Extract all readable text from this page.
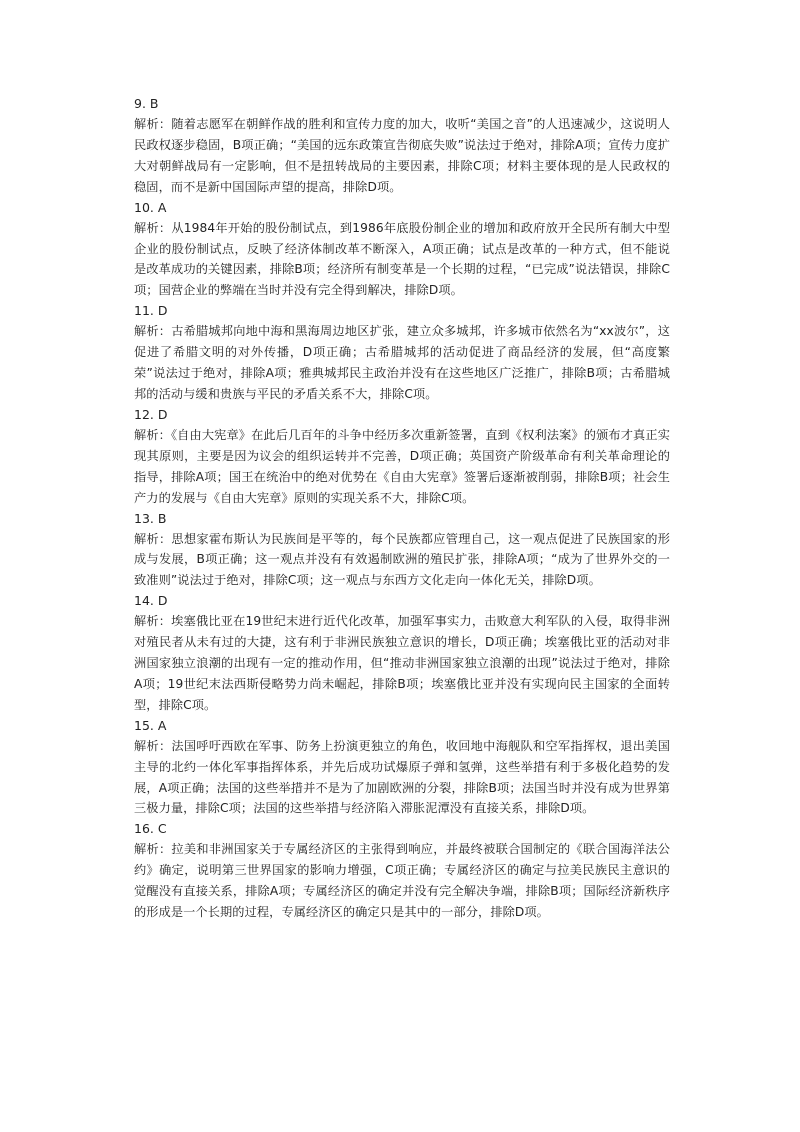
9. B
解析：随着志愿军在朝鲜作战的胜利和宣传力度的加大，收听“美国之音”的人迅速减少，这说明人民政权逐步稳固，B项正确；“美国的远东政策宣告彻底失败”说法过于绝对，排除A项；宣传力度扩大对朝鲜战局有一定影响，但不是扭转战局的主要因素，排除C项；材料主要体现的是人民政权的稳固，而不是新中国国际声望的提高，排除D项。
10. A
解析：从1984年开始的股份制试点，到1986年底股份制企业的增加和政府放开全民所有制大中型企业的股份制试点，反映了经济体制改革不断深入，A项正确；试点是改革的一种方式，但不能说是改革成功的关键因素，排除B项；经济所有制变革是一个长期的过程，“已完成”说法错误，排除C项；国营企业的弊端在当时并没有完全得到解决，排除D项。
11. D
解析：古希腊城邦向地中海和黑海周边地区扩张，建立众多城邦，许多城市依然名为“xx波尔”，这促进了希腊文明的对外传播，D项正确；古希腊城邦的活动促进了商品经济的发展，但“高度繁荣”说法过于绝对，排除A项；雅典城邦民主政治并没有在这些地区广泛推广，排除B项；古希腊城邦的活动与缓和贵族与平民的矛盾关系不大，排除C项。
12. D
解析：《自由大宪章》在此后几百年的斗争中经历多次重新签署，直到《权利法案》的颁布才真正实现其原则，主要是因为议会的组织运转并不完善，D项正确；英国资产阶级革命有利关革命理论的指导，排除A项；国王在统治中的绝对优势在《自由大宪章》签署后逐渐被削弱，排除B项；社会生产力的发展与《自由大宪章》原则的实现关系不大，排除C项。
13. B
解析：思想家霍布斯认为民族间是平等的，每个民族都应管理自己，这一观点促进了民族国家的形成与发展，B项正确；这一观点并没有有效遏制欧洲的殖民扩张，排除A项；“成为了世界外交的一致准则”说法过于绝对，排除C项；这一观点与东西方文化走向一体化无关，排除D项。
14. D
解析：埃塞俄比亚在19世纪末进行近代化改革，加强军事实力，击败意大利军队的入侵，取得非洲对殖民者从未有过的大捷，这有利于非洲民族独立意识的增长，D项正确；埃塞俄比亚的活动对非洲国家独立浪潮的出现有一定的推动作用，但“推动非洲国家独立浪潮的出现”说法过于绝对，排除A项；19世纪末法西斯侵略势力尚未崛起，排除B项；埃塞俄比亚并没有实现向民主国家的全面转型，排除C项。
15. A
解析：法国呼吁西欧在军事、防务上扮演更独立的角色，收回地中海舰队和空军指挥权，退出美国主导的北约一体化军事指挥体系，并先后成功试爆原子弹和氢弹，这些举措有利于多极化趋势的发展，A项正确；法国的这些举措并不是为了加剧欧洲的分裂，排除B项；法国当时并没有成为世界第三极力量，排除C项；法国的这些举措与经济陷入滞胀泥潭没有直接关系，排除D项。
16. C
解析：拉美和非洲国家关于专属经济区的主张得到响应，并最终被联合国制定的《联合国海洋法公约》确定，说明第三世界国家的影响力增强，C项正确；专属经济区的确定与拉美民族民主意识的觉醒没有直接关系，排除A项；专属经济区的确定并没有完全解决争端，排除B项；国际经济新秩序的形成是一个长期的过程，专属经济区的确定只是其中的一部分，排除D项。
